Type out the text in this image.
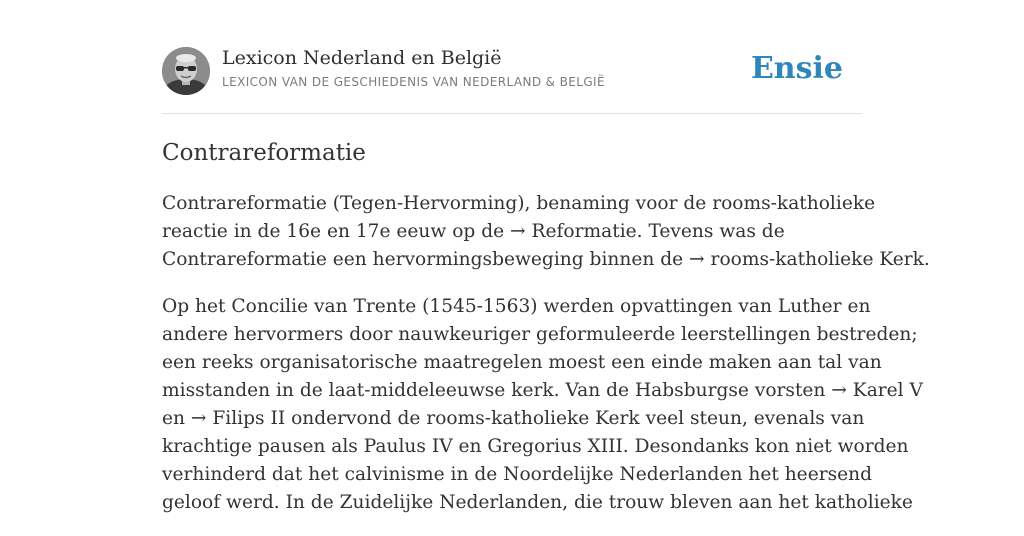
Lexicon Nederland en België
LEXICON VAN DE GESCHIEDENIS VAN NEDERLAND & BELGIË	Ensie
Contrareformatie

Contrareformatie (Tegen-Hervorming), benaming voor de rooms-katholieke
reactie in de 16e en 17e eeuw op de → Reformatie. Tevens was de
Contrareformatie een hervormingsbeweging binnen de → rooms-katholieke Kerk.

Op het Concilie van Trente (1545-1563) werden opvattingen van Luther en
andere hervormers door nauwkeuriger geformuleerde leerstellingen bestreden;
een reeks organisatorische maatregelen moest een einde maken aan tal van
misstanden in de laat-middeleeuwse kerk. Van de Habsburgse vorsten → Karel V
en → Filips II ondervond de rooms-katholieke Kerk veel steun, evenals van
krachtige pausen als Paulus IV en Gregorius XIII. Desondanks kon niet worden
verhinderd dat het calvinisme in de Noordelijke Nederlanden het heersend
geloof werd. In de Zuidelijke Nederlanden, die trouw bleven aan het katholieke
